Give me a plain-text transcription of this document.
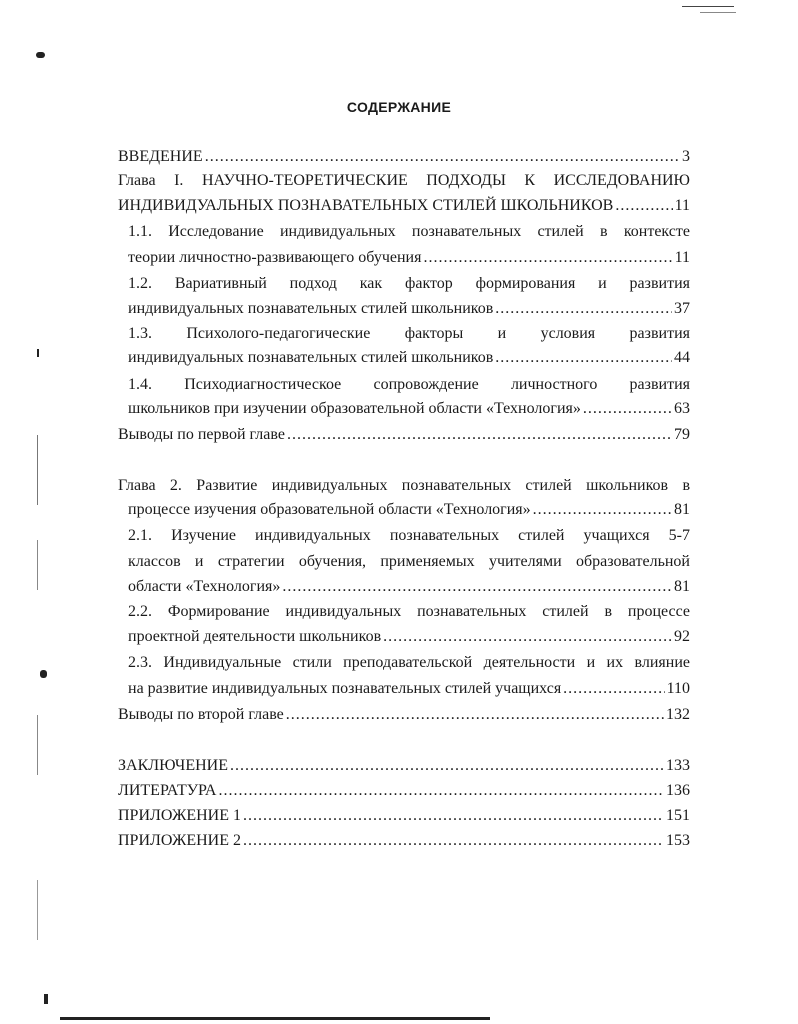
СОДЕРЖАНИЕ
ВВЕДЕНИЕ .....	3
Глава I. НАУЧНО-ТЕОРЕТИЧЕСКИЕ ПОДХОДЫ К ИССЛЕДОВАНИЮ
ИНДИВИДУАЛЬНЫХ ПОЗНАВАТЕЛЬНЫХ СТИЛЕЙ ШКОЛЬНИКОВ .....	11
1.1. Исследование индивидуальных познавательных стилей в контексте
теории личностно-развивающего обучения .....	11
1.2. Вариативный подход как фактор формирования и развития
индивидуальных познавательных стилей школьников .....	37
1.3. Психолого-педагогические факторы и условия развития
индивидуальных познавательных стилей школьников .....	44
1.4. Психодиагностическое сопровождение личностного развития
школьников при изучении образовательной области «Технология» .....	63
Выводы по первой главе .....	79
Глава 2. Развитие индивидуальных познавательных стилей школьников в
процессе изучения образовательной области «Технология» .....	81
2.1. Изучение индивидуальных познавательных стилей учащихся 5-7
классов и стратегии обучения, применяемых учителями образовательной
области «Технология» .....	81
2.2. Формирование индивидуальных познавательных стилей в процессе
проектной деятельности школьников .....	92
2.3. Индивидуальные стили преподавательской деятельности и их влияние
на развитие индивидуальных познавательных стилей учащихся .....	110
Выводы по второй главе .....	132
ЗАКЛЮЧЕНИЕ .....	133
ЛИТЕРАТУРА .....	136
ПРИЛОЖЕНИЕ 1 .....	151
ПРИЛОЖЕНИЕ 2 .....	153
